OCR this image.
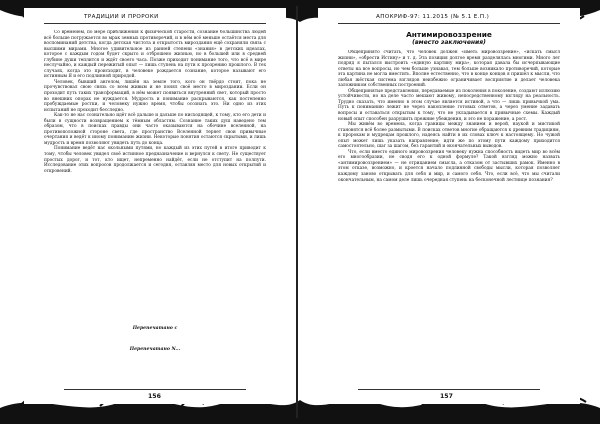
ТРАДИЦИИ И ПРОРОКИ

Со временем, по мере приближения к физической старости, сознание большинства людей всё больше погружается во мрак земных противоречий, и в нём всё меньше остаётся места для воспоминаний детства, когда детская чистота и открытость мироздания ещё сохраняли связь с высшими мирами. Многое удивительное из ранней степени «знания» в детских идеалах, которое с каждым годом будет скрыто и отброшено жизнью, но в большей или в средней глубине души теплится и ждёт своего часа. Позже приходит понимание того, что всё в мире неслучайно, и каждый пережитый опыт — лишь ступень на пути к прозрению прошлого. В тех случаях, когда это происходит, в человеке рождается сознание, которое называют его истинным Я и его подлинной природой.

Человек, бывший ангелом, лишён на земле того, кого он твёрдо стоит, пока не прочувствовал свою связь со всем живым и не понял своё место в мироздании. Если он проходит путь таких трансформаций, в нём может появиться внутренний свет, который просто во внешних опорах не нуждается. Мудрость и понимание раскрываются, как постепенно пробуждаемые ростки, и человеку нужно время, чтобы осознать это. Ни одно из этих испытаний не проходит бесследно.

Как-то не нас сознательно идёт всё дальше и дальше по нисходящей, к тому, кто его дети и были в сущности возвращением к тёмным областям. Сознание таких душ наведено тем образом, что в поисках правды они часто оказываются на обочине вселенной, на противоположной стороне света, где пространство Вселенной теряет свои привычные очертания и ведёт к иному пониманию жизни. Некоторые понятия остаются скрытыми, и лишь мудрость и время позволяют увидеть путь до конца.

Понимание ведёт нас окольными путями, но каждый из этих путей в итоге приводит к тому, чтобы человек увидел своё истинное предназначение и вернулся к свету. Не существует простых дорог, и тот, кто ищет, непременно найдёт, если не отступит на полпути. Исследование этих вопросов продолжается и сегодня, оставляя место для новых открытий и откровений.

Перепечатано с
Перепечатано N...
156
АПОКРИФ-97: 11.2015 (№ 5.1 Е.П.)
Антимировоззрение
(вместо заключения)

Общепринято считать, что человек должен «иметь мировоззрение», «искать смысл жизни», «обрести Истину» и т. д. Эта позиция долгое время разделялась многими. Много лет подряд я пытался выстроить «единую картину мира», которая давала бы исчерпывающие ответы на все вопросы, но чем больше узнавал, тем больше возникало противоречий, которые эта картина не могла вместить. Вполне естественно, что в конце концов я пришёл к мысли, что любая жёсткая система взглядов неизбежно ограничивает восприятие и делает человека заложником собственных построений.

Общепринятые представления, передаваемые из поколения в поколение, создают иллюзию устойчивости, но на деле часто мешают живому, непосредственному взгляду на реальность. Трудно сказать, что именно в этом случае является истиной, а что — лишь привычкой ума. Путь к пониманию лежит не через накопление готовых ответов, а через умение задавать вопросы и оставаться открытым к тому, что не укладывается в привычные схемы. Каждый новый опыт способен разрушить прежние убеждения, и это не поражение, а рост.

Мы живём во времена, когда границы между знанием и верой, наукой и мистикой становятся всё более размытыми. В поисках ответов многие обращаются к древним традициям, к пророкам и мудрецам прошлого, надеясь найти в их словах ключ к настоящему. Но чужой опыт может лишь указать направление; идти же по этому пути каждому приходится самостоятельно, шаг за шагом, без гарантий и окончательных выводов.

Что, если вместо единого мировоззрения человеку нужна способность видеть мир во всём его многообразии, не сводя его к одной формуле? Такой взгляд можно назвать «антимировоззрением» — не отрицанием смысла, а отказом от застывших рамок. Именно в этом отказе, возможно, и кроется начало подлинной свободы мысли, которая позволяет каждому заново открывать для себя и мир, и самого себя. Что, если всё, что мы считали окончательным, на самом деле лишь очередная ступень на бесконечной лестнице познания?

157
